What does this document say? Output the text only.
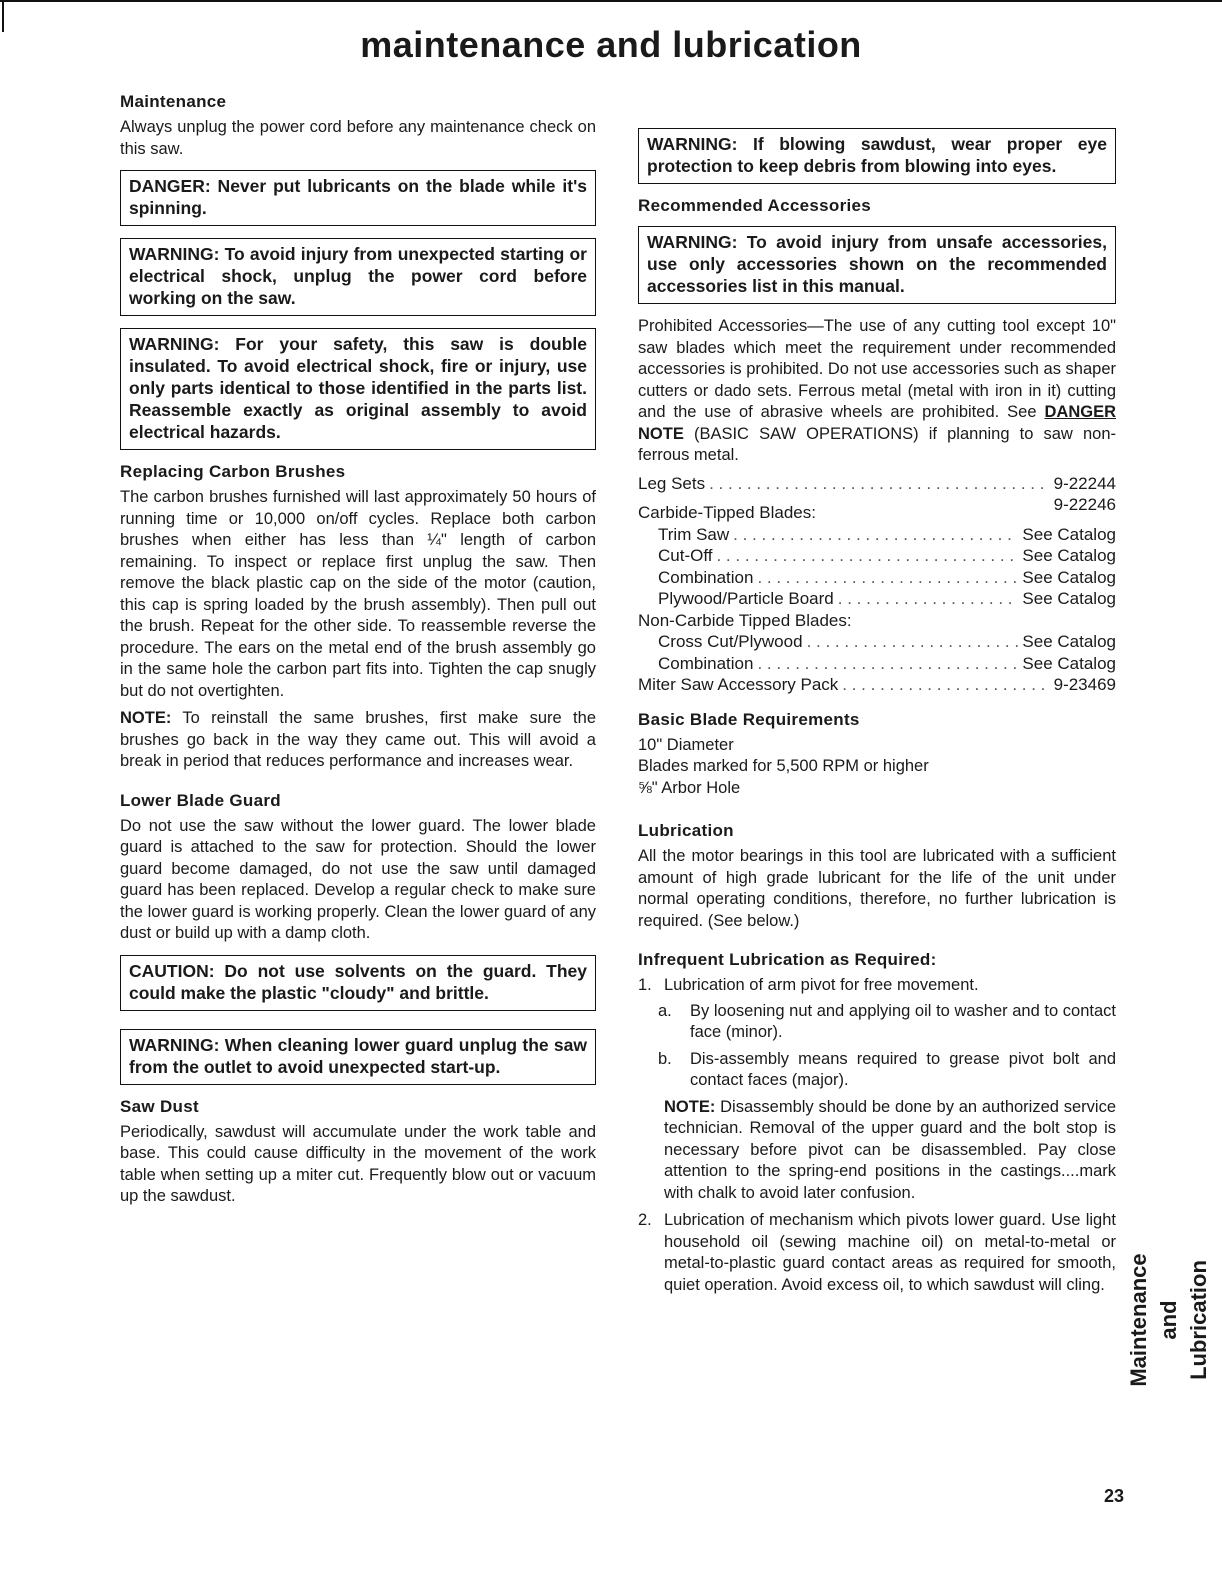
maintenance and lubrication
Maintenance

Always unplug the power cord before any maintenance check on this saw.

DANGER: Never put lubricants on the blade while it's spinning.
WARNING: To avoid injury from unexpected starting or electrical shock, unplug the power cord before working on the saw.
WARNING: For your safety, this saw is double insulated. To avoid electrical shock, fire or injury, use only parts identical to those identified in the parts list. Reassemble exactly as original assembly to avoid electrical hazards.
Replacing Carbon Brushes

The carbon brushes furnished will last approximately 50 hours of running time or 10,000 on/off cycles. Replace both carbon brushes when either has less than ¼" length of carbon remaining. To inspect or replace first unplug the saw. Then remove the black plastic cap on the side of the motor (caution, this cap is spring loaded by the brush assembly). Then pull out the brush. Repeat for the other side. To reassemble reverse the procedure. The ears on the metal end of the brush assembly go in the same hole the carbon part fits into. Tighten the cap snugly but do not overtighten.

NOTE: To reinstall the same brushes, first make sure the brushes go back in the way they came out. This will avoid a break in period that reduces performance and increases wear.

Lower Blade Guard

Do not use the saw without the lower guard. The lower blade guard is attached to the saw for protection. Should the lower guard become damaged, do not use the saw until damaged guard has been replaced. Develop a regular check to make sure the lower guard is working properly. Clean the lower guard of any dust or build up with a damp cloth.

CAUTION: Do not use solvents on the guard. They could make the plastic "cloudy" and brittle.
WARNING: When cleaning lower guard unplug the saw from the outlet to avoid unexpected start-up.
Saw Dust

Periodically, sawdust will accumulate under the work table and base. This could cause difficulty in the movement of the work table when setting up a miter cut. Frequently blow out or vacuum up the sawdust.

WARNING: If blowing sawdust, wear proper eye protection to keep debris from blowing into eyes.
Recommended Accessories
WARNING: To avoid injury from unsafe accessories, use only accessories shown on the recommended accessories list in this manual.

Prohibited Accessories—The use of any cutting tool except 10" saw blades which meet the requirement under recommended accessories is prohibited. Do not use accessories such as shaper cutters or dado sets. Ferrous metal (metal with iron in it) cutting and the use of abrasive wheels are prohibited. See DANGER NOTE (BASIC SAW OPERATIONS) if planning to saw non-ferrous metal.

Leg Sets . . .	9-22244
Carbide-Tipped Blades:	9-22246
Trim Saw . . .	See Catalog
Cut-Off . . .	See Catalog
Combination . . .	See Catalog
Plywood/Particle Board . . .	See Catalog
Non-Carbide Tipped Blades:
Cross Cut/Plywood . . .	See Catalog
Combination . . .	See Catalog
Miter Saw Accessory Pack . . .	9-23469
Basic Blade Requirements

10" Diameter

Blades marked for 5,500 RPM or higher

⅝" Arbor Hole

Lubrication

All the motor bearings in this tool are lubricated with a sufficient amount of high grade lubricant for the life of the unit under normal operating conditions, therefore, no further lubrication is required. (See below.)

Infrequent Lubrication as Required:
1. Lubrication of arm pivot for free movement.
a.	By loosening nut and applying oil to washer and to contact face (minor).
b.	Dis-assembly means required to grease pivot bolt and contact faces (major).

NOTE: Disassembly should be done by an authorized service technician. Removal of the upper guard and the bolt stop is necessary before pivot can be disassembled. Pay close attention to the spring-end positions in the castings....mark with chalk to avoid later confusion.

2. Lubrication of mechanism which pivots lower guard. Use light household oil (sewing machine oil) on metal-to-metal or metal-to-plastic guard contact areas as required for smooth, quiet operation. Avoid excess oil, to which sawdust will cling. Maintenance and Lubrication
23
